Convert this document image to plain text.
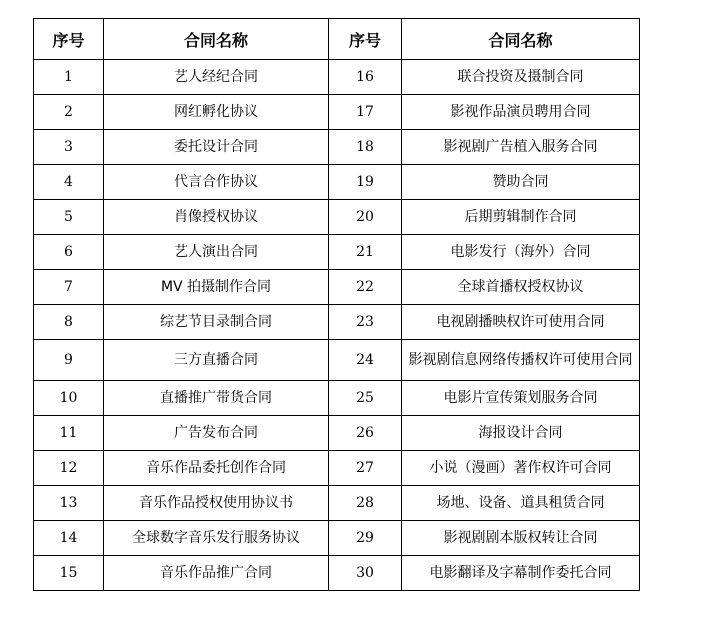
序号	合同名称	序号	合同名称
1	艺人经纪合同	16	联合投资及摄制合同
2	网红孵化协议	17	影视作品演员聘用合同
3	委托设计合同	18	影视剧广告植入服务合同
4	代言合作协议	19	赞助合同
5	肖像授权协议	20	后期剪辑制作合同
6	艺人演出合同	21	电影发行（海外）合同
7	MV 拍摄制作合同	22	全球首播权授权协议
8	综艺节目录制合同	23	电视剧播映权许可使用合同
9	三方直播合同	24	影视剧信息网络传播权许可使用合同
10	直播推广带货合同	25	电影片宣传策划服务合同
11	广告发布合同	26	海报设计合同
12	音乐作品委托创作合同	27	小说（漫画）著作权许可合同
13	音乐作品授权使用协议书	28	场地、设备、道具租赁合同
14	全球数字音乐发行服务协议	29	影视剧剧本版权转让合同
15	音乐作品推广合同	30	电影翻译及字幕制作委托合同
